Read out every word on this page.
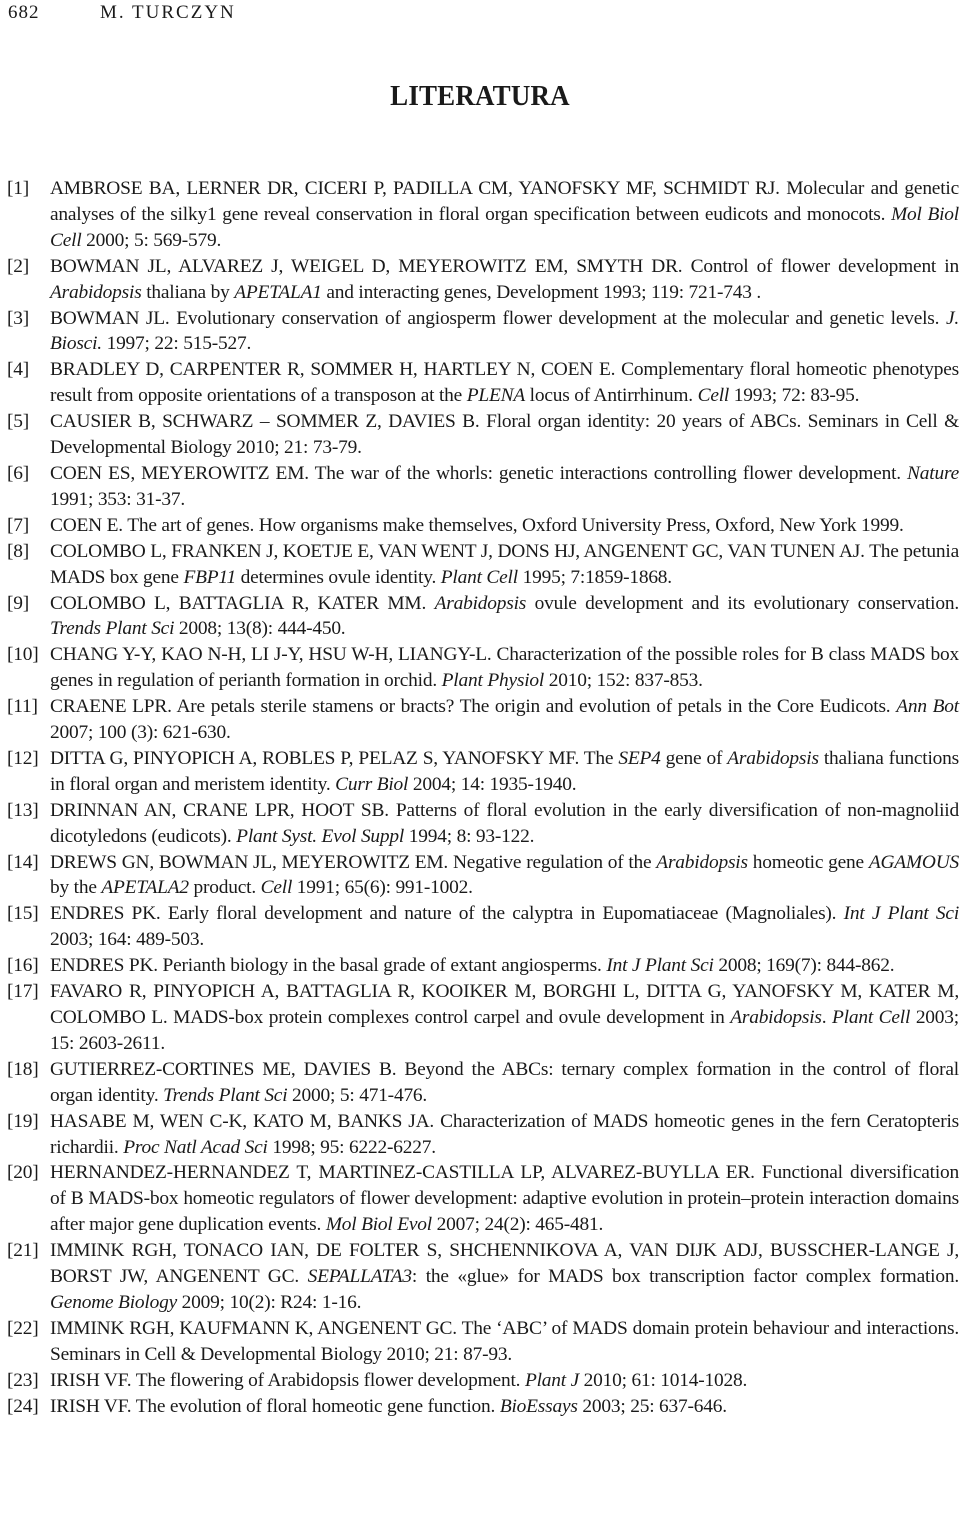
682	M. TURCZYN
LITERATURA
[1] AMBROSE BA, LERNER DR, CICERI P, PADILLA CM, YANOFSKY MF, SCHMIDT RJ. Molecular and genetic analyses of the silky1 gene reveal conservation in floral organ specification between eudicots and monocots. Mol Biol Cell 2000; 5: 569-579.
[2] BOWMAN JL, ALVAREZ J, WEIGEL D, MEYEROWITZ EM, SMYTH DR. Control of flower development in Arabidopsis thaliana by APETALA1 and interacting genes, Development 1993; 119: 721-743 .
[3] BOWMAN JL. Evolutionary conservation of angiosperm flower development at the molecular and genetic levels. J. Biosci. 1997; 22: 515-527.
[4] BRADLEY D, CARPENTER R, SOMMER H, HARTLEY N, COEN E. Complementary floral homeotic phenotypes result from opposite orientations of a transposon at the PLENA locus of Antirrhinum. Cell 1993; 72: 83-95.
[5] CAUSIER B, SCHWARZ – SOMMER Z, DAVIES B. Floral organ identity: 20 years of ABCs. Seminars in Cell & Developmental Biology 2010; 21: 73-79.
[6] COEN ES, MEYEROWITZ EM. The war of the whorls: genetic interactions controlling flower development. Nature 1991; 353: 31-37.
[7] COEN E. The art of genes. How organisms make themselves, Oxford University Press, Oxford, New York 1999.
[8] COLOMBO L, FRANKEN J, KOETJE E, VAN WENT J, DONS HJ, ANGENENT GC, VAN TUNEN AJ. The petunia MADS box gene FBP11 determines ovule identity. Plant Cell 1995; 7:1859-1868.
[9] COLOMBO L, BATTAGLIA R, KATER MM. Arabidopsis ovule development and its evolutionary conservation. Trends Plant Sci 2008; 13(8): 444-450.
[10] CHANG Y-Y, KAO N-H, LI J-Y, HSU W-H, LIANGY-L. Characterization of the possible roles for B class MADS box genes in regulation of perianth formation in orchid. Plant Physiol 2010; 152: 837-853.
[11] CRAENE LPR. Are petals sterile stamens or bracts? The origin and evolution of petals in the Core Eudicots. Ann Bot 2007; 100 (3): 621-630.
[12] DITTA G, PINYOPICH A, ROBLES P, PELAZ S, YANOFSKY MF. The SEP4 gene of Arabidopsis thaliana functions in floral organ and meristem identity. Curr Biol 2004; 14: 1935-1940.
[13] DRINNAN AN, CRANE LPR, HOOT SB. Patterns of floral evolution in the early diversification of non-magnoliid dicotyledons (eudicots). Plant Syst. Evol Suppl 1994; 8: 93-122.
[14] DREWS GN, BOWMAN JL, MEYEROWITZ EM. Negative regulation of the Arabidopsis homeotic gene AGAMOUS by the APETALA2 product. Cell 1991; 65(6): 991-1002.
[15] ENDRES PK. Early floral development and nature of the calyptra in Eupomatiaceae (Magnoliales). Int J Plant Sci 2003; 164: 489-503.
[16] ENDRES PK. Perianth biology in the basal grade of extant angiosperms. Int J Plant Sci 2008; 169(7): 844-862.
[17] FAVARO R, PINYOPICH A, BATTAGLIA R, KOOIKER M, BORGHI L, DITTA G, YANOFSKY M, KATER M, COLOMBO L. MADS-box protein complexes control carpel and ovule development in Arabidopsis. Plant Cell 2003; 15: 2603-2611.
[18] GUTIERREZ-CORTINES ME, DAVIES B. Beyond the ABCs: ternary complex formation in the control of floral organ identity. Trends Plant Sci 2000; 5: 471-476.
[19] HASABE M, WEN C-K, KATO M, BANKS JA. Characterization of MADS homeotic genes in the fern Ceratopteris richardii. Proc Natl Acad Sci 1998; 95: 6222-6227.
[20] HERNANDEZ-HERNANDEZ T, MARTINEZ-CASTILLA LP, ALVAREZ-BUYLLA ER. Functional diversification of B MADS-box homeotic regulators of flower development: adaptive evolution in protein–protein interaction domains after major gene duplication events. Mol Biol Evol 2007; 24(2): 465-481.
[21] IMMINK RGH, TONACO IAN, DE FOLTER S, SHCHENNIKOVA A, VAN DIJK ADJ, BUSSCHER-LANGE J, BORST JW, ANGENENT GC. SEPALLATA3: the «glue» for MADS box transcription factor complex formation. Genome Biology 2009; 10(2): R24: 1-16.
[22] IMMINK RGH, KAUFMANN K, ANGENENT GC. The ‘ABC’ of MADS domain protein behaviour and interactions. Seminars in Cell & Developmental Biology 2010; 21: 87-93.
[23] IRISH VF. The flowering of Arabidopsis flower development. Plant J 2010; 61: 1014-1028.
[24] IRISH VF. The evolution of floral homeotic gene function. BioEssays 2003; 25: 637-646.
